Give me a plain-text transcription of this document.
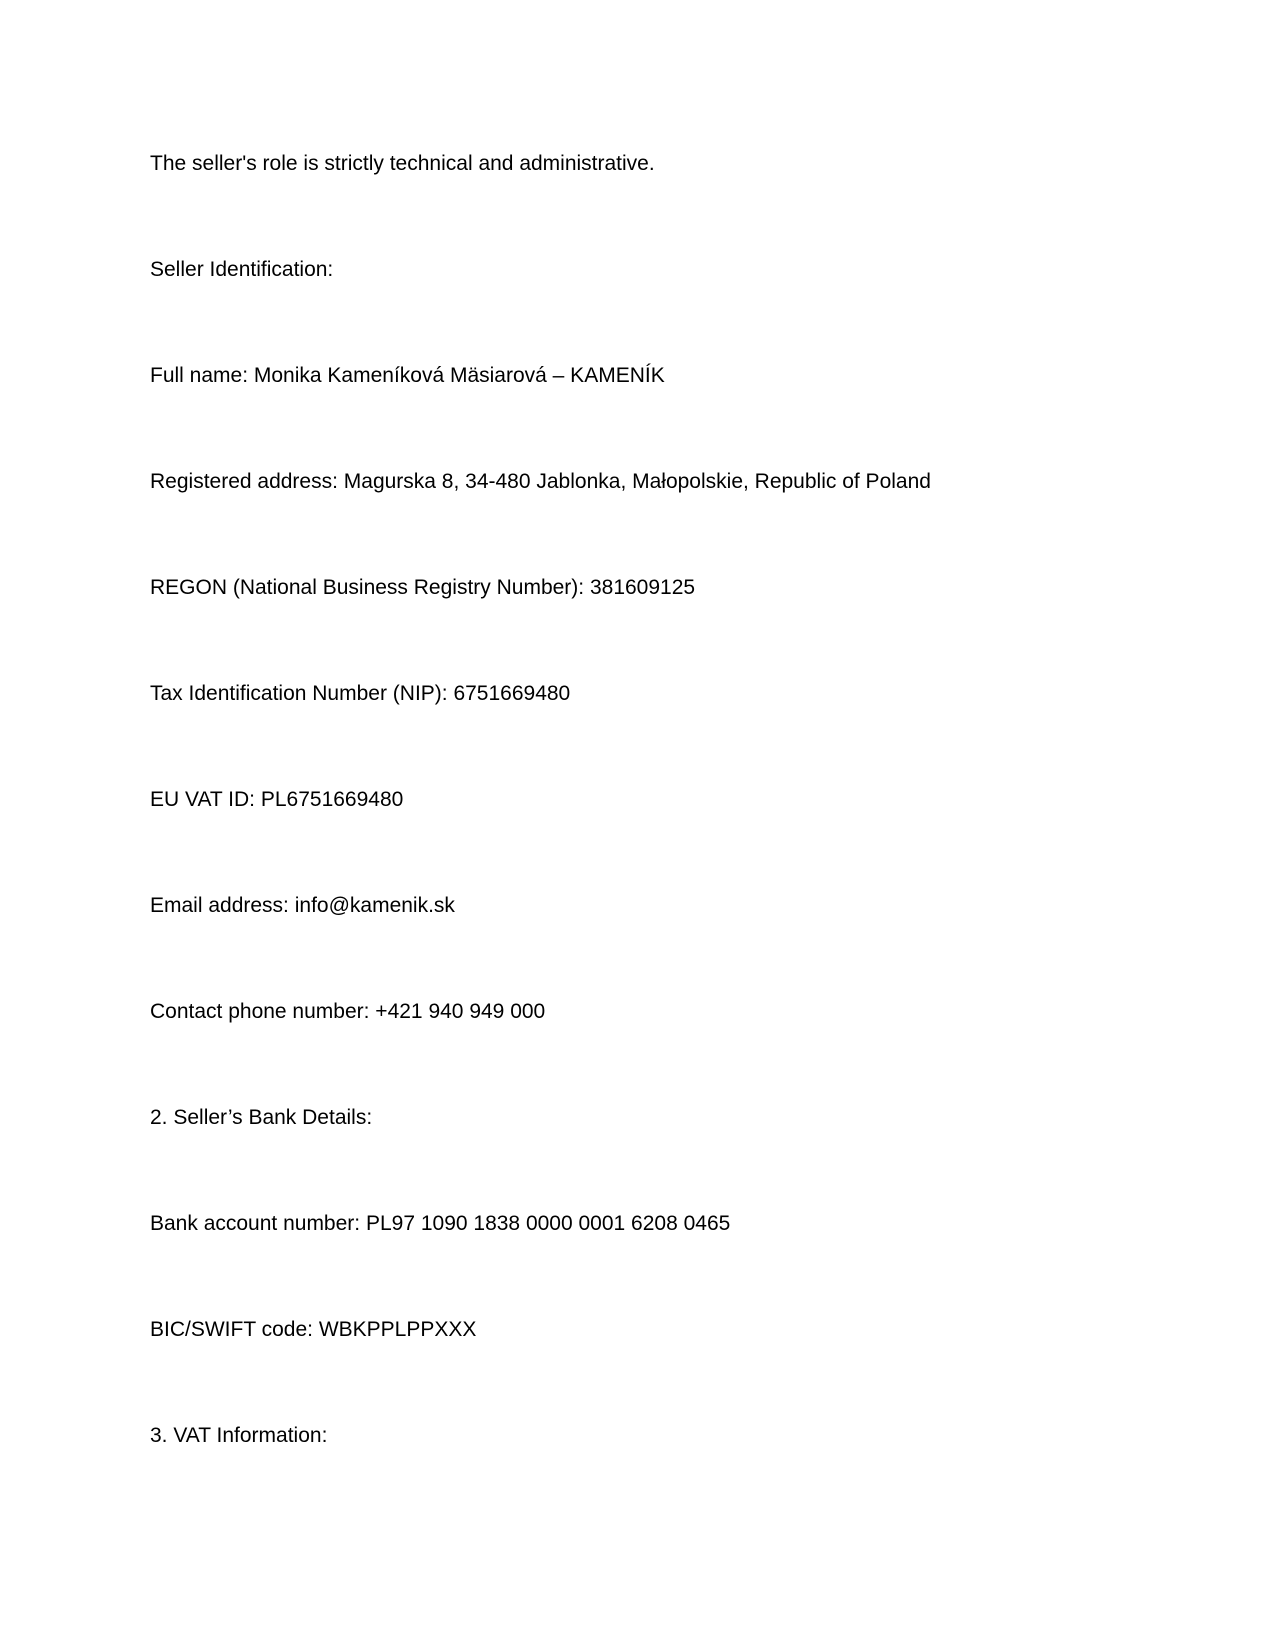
The seller's role is strictly technical and administrative.

Seller Identification:

Full name: Monika Kameníková Mäsiarová – KAMENÍK

Registered address: Magurska 8, 34-480 Jablonka, Małopolskie, Republic of Poland

REGON (National Business Registry Number): 381609125

Tax Identification Number (NIP): 6751669480

EU VAT ID: PL6751669480

Email address: info@kamenik.sk

Contact phone number: +421 940 949 000

2. Seller’s Bank Details:

Bank account number: PL97 1090 1838 0000 0001 6208 0465

BIC/SWIFT code: WBKPPLPPXXX

3. VAT Information:
